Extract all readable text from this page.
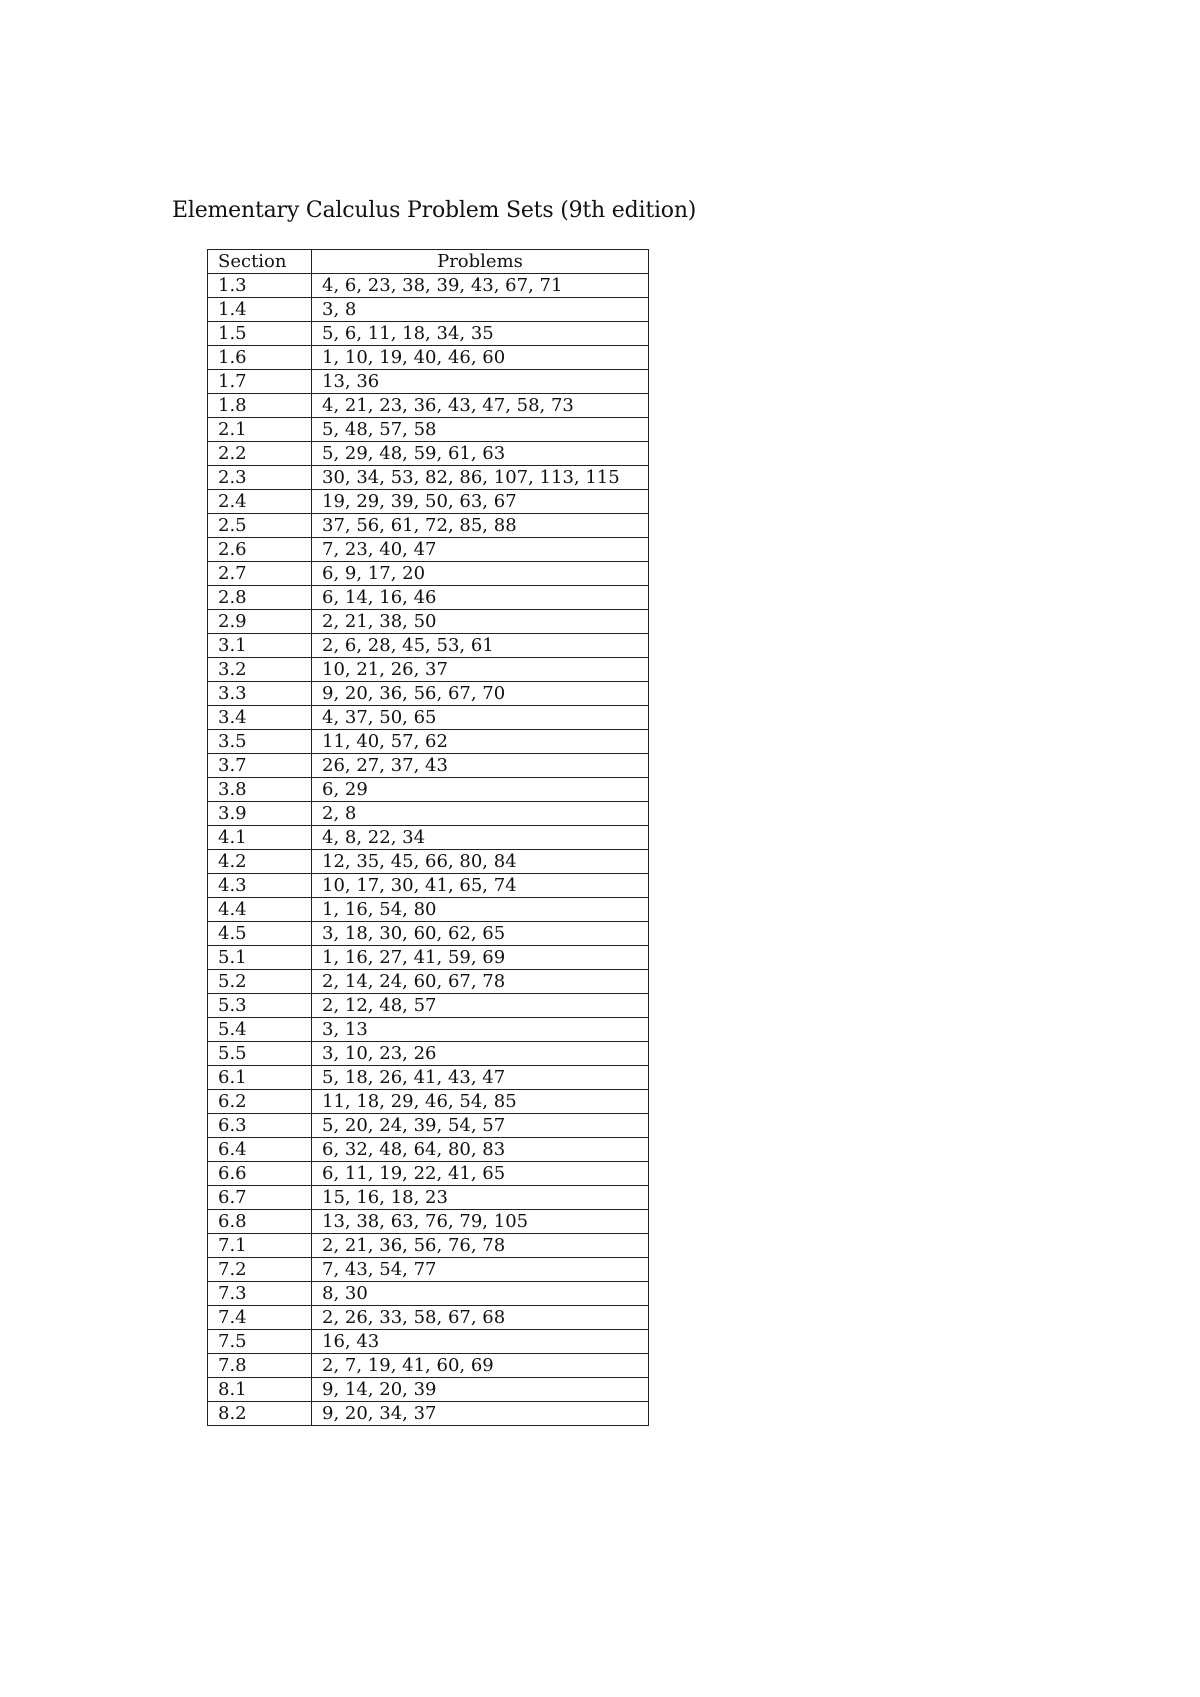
Elementary Calculus Problem Sets (9th edition)
Section	Problems
1.3	4, 6, 23, 38, 39, 43, 67, 71
1.4	3, 8
1.5	5, 6, 11, 18, 34, 35
1.6	1, 10, 19, 40, 46, 60
1.7	13, 36
1.8	4, 21, 23, 36, 43, 47, 58, 73
2.1	5, 48, 57, 58
2.2	5, 29, 48, 59, 61, 63
2.3	30, 34, 53, 82, 86, 107, 113, 115
2.4	19, 29, 39, 50, 63, 67
2.5	37, 56, 61, 72, 85, 88
2.6	7, 23, 40, 47
2.7	6, 9, 17, 20
2.8	6, 14, 16, 46
2.9	2, 21, 38, 50
3.1	2, 6, 28, 45, 53, 61
3.2	10, 21, 26, 37
3.3	9, 20, 36, 56, 67, 70
3.4	4, 37, 50, 65
3.5	11, 40, 57, 62
3.7	26, 27, 37, 43
3.8	6, 29
3.9	2, 8
4.1	4, 8, 22, 34
4.2	12, 35, 45, 66, 80, 84
4.3	10, 17, 30, 41, 65, 74
4.4	1, 16, 54, 80
4.5	3, 18, 30, 60, 62, 65
5.1	1, 16, 27, 41, 59, 69
5.2	2, 14, 24, 60, 67, 78
5.3	2, 12, 48, 57
5.4	3, 13
5.5	3, 10, 23, 26
6.1	5, 18, 26, 41, 43, 47
6.2	11, 18, 29, 46, 54, 85
6.3	5, 20, 24, 39, 54, 57
6.4	6, 32, 48, 64, 80, 83
6.6	6, 11, 19, 22, 41, 65
6.7	15, 16, 18, 23
6.8	13, 38, 63, 76, 79, 105
7.1	2, 21, 36, 56, 76, 78
7.2	7, 43, 54, 77
7.3	8, 30
7.4	2, 26, 33, 58, 67, 68
7.5	16, 43
7.8	2, 7, 19, 41, 60, 69
8.1	9, 14, 20, 39
8.2	9, 20, 34, 37
